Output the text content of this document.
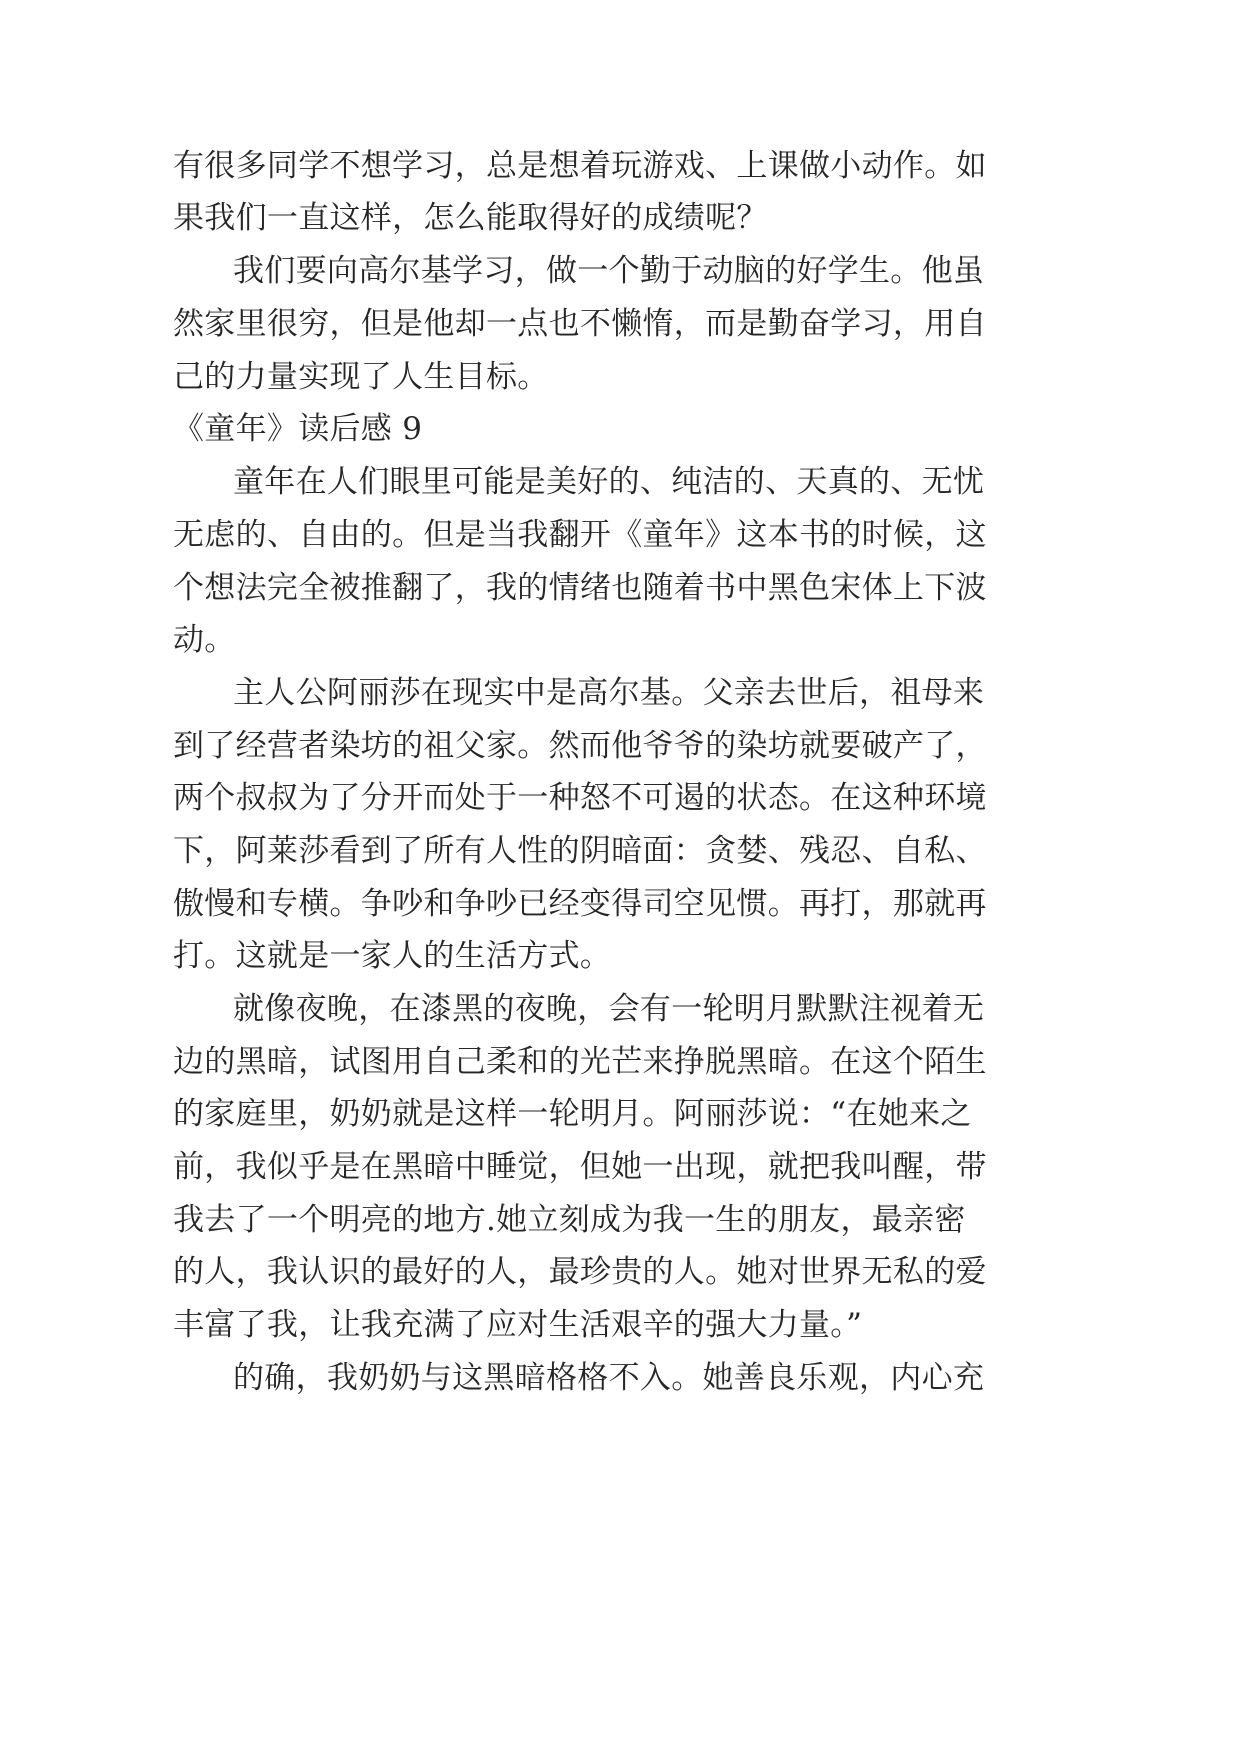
有很多同学不想学习，总是想着玩游戏、上课做小动作。如
果我们一直这样，怎么能取得好的成绩呢？
我们要向高尔基学习，做一个勤于动脑的好学生。他虽
然家里很穷，但是他却一点也不懒惰，而是勤奋学习，用自
己的力量实现了人生目标。
《童年》读后感 9
童年在人们眼里可能是美好的、纯洁的、天真的、无忧
无虑的、自由的。但是当我翻开《童年》这本书的时候，这
个想法完全被推翻了，我的情绪也随着书中黑色宋体上下波
动。
主人公阿丽莎在现实中是高尔基。父亲去世后，祖母来
到了经营者染坊的祖父家。然而他爷爷的染坊就要破产了，
两个叔叔为了分开而处于一种怒不可遏的状态。在这种环境
下，阿莱莎看到了所有人性的阴暗面：贪婪、残忍、自私、
傲慢和专横。争吵和争吵已经变得司空见惯。再打，那就再
打。这就是一家人的生活方式。
就像夜晚，在漆黑的夜晚，会有一轮明月默默注视着无
边的黑暗，试图用自己柔和的光芒来挣脱黑暗。在这个陌生
的家庭里，奶奶就是这样一轮明月。阿丽莎说：“在她来之
前，我似乎是在黑暗中睡觉，但她一出现，就把我叫醒，带
我去了一个明亮的地方.她立刻成为我一生的朋友，最亲密
的人，我认识的最好的人，最珍贵的人。她对世界无私的爱
丰富了我，让我充满了应对生活艰辛的强大力量。”
的确，我奶奶与这黑暗格格不入。她善良乐观，内心充
